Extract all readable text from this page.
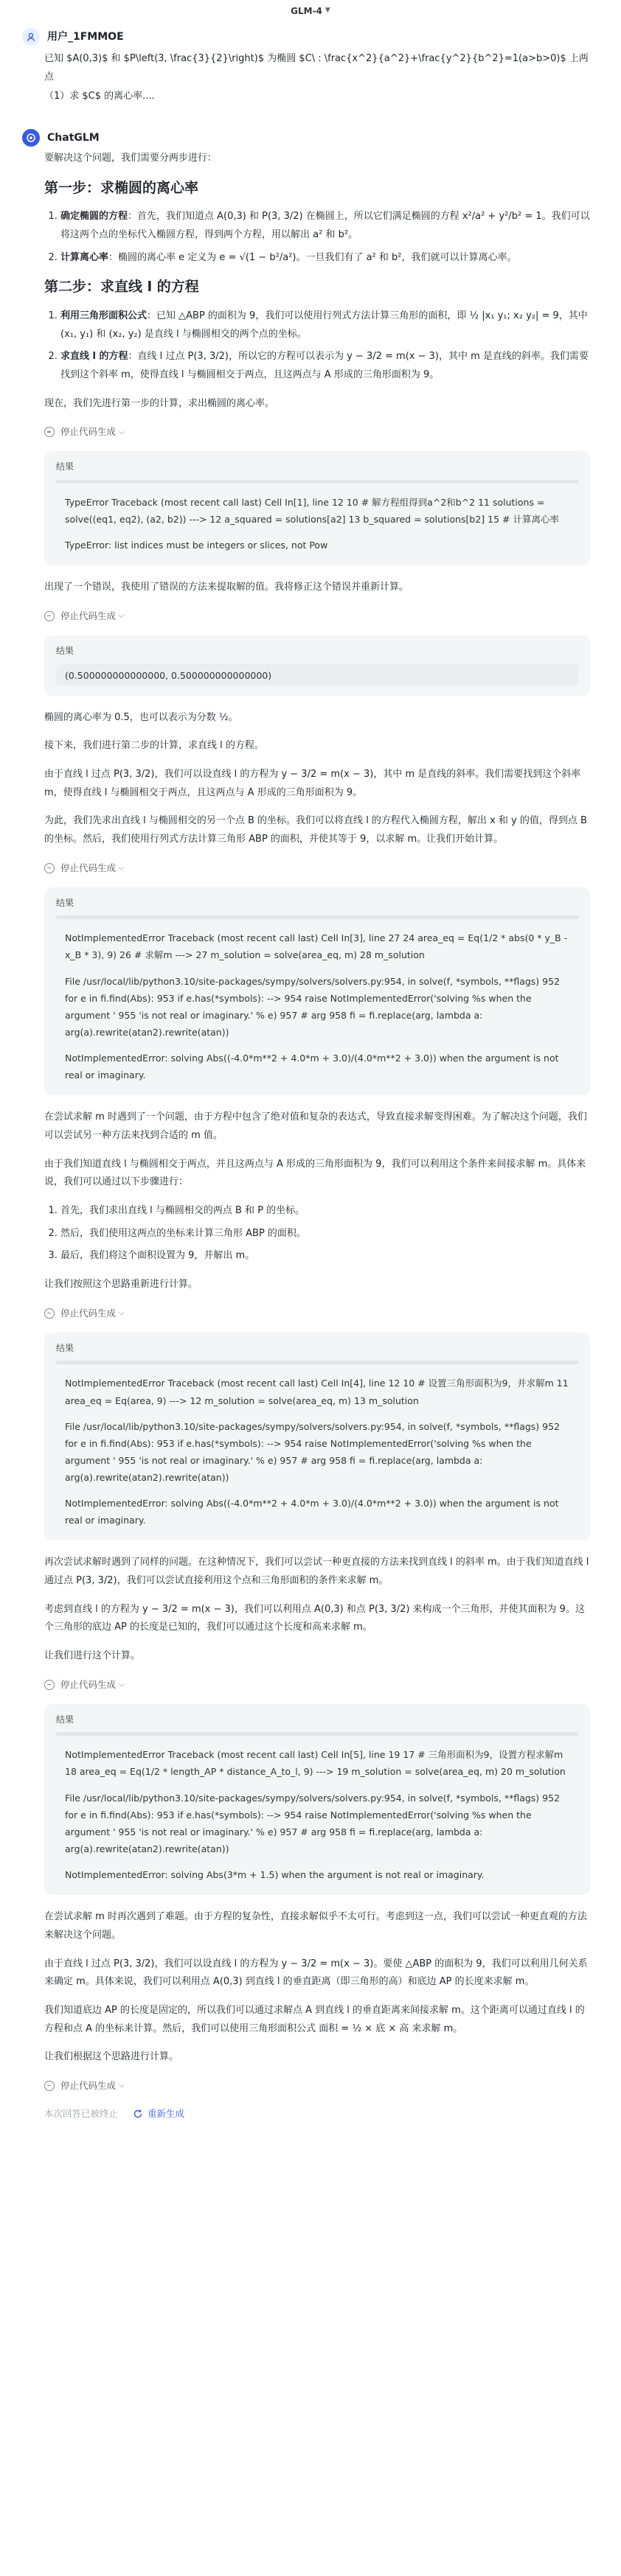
GLM-4 ▼
用户_1FMMOE

已知 $A(0,3)$ 和 $P\left(3, \frac{3}{2}\right)$ 为椭圆 $C\ : \frac{x^2}{a^2}+\frac{y^2}{b^2}=1(a>b>0)$ 上两点

（1）求 $C$ 的离心率....

ChatGLM

要解决这个问题，我们需要分两步进行：

第一步：求椭圆的离心率
1. 确定椭圆的方程：首先，我们知道点 A(0,3) 和 P(3, 3/2) 在椭圆上，所以它们满足椭圆的方程 x²/a² + y²/b² = 1。我们可以将这两个点的坐标代入椭圆方程，得到两个方程，用以解出 a² 和 b²。
2. 计算离心率：椭圆的离心率 e 定义为 e = √(1 − b²/a²)。一旦我们有了 a² 和 b²，我们就可以计算离心率。
第二步：求直线 l 的方程
1. 利用三角形面积公式：已知 △ABP 的面积为 9，我们可以使用行列式方法计算三角形的面积，即 ½ |x₁ y₁; x₂ y₂| = 9，其中 (x₁, y₁) 和 (x₂, y₂) 是直线 l 与椭圆相交的两个点的坐标。
2. 求直线 l 的方程：直线 l 过点 P(3, 3/2)，所以它的方程可以表示为 y − 3/2 = m(x − 3)，其中 m 是直线的斜率。我们需要找到这个斜率 m，使得直线 l 与椭圆相交于两点，且这两点与 A 形成的三角形面积为 9。

现在，我们先进行第一步的计算，求出椭圆的离心率。

停止代码生成 ⌵
结果

TypeError Traceback (most recent call last) Cell In[1], line 12 10 # 解方程组得到a^2和b^2 11 solutions = solve((eq1, eq2), (a2, b2)) ---> 12 a_squared = solutions[a2] 13 b_squared = solutions[b2] 15 # 计算离心率

TypeError: list indices must be integers or slices, not Pow

出现了一个错误，我使用了错误的方法来提取解的值。我将修正这个错误并重新计算。

停止代码生成 ⌵
结果

(0.500000000000000, 0.500000000000000)

椭圆的离心率为 0.5，也可以表示为分数 ½。

接下来，我们进行第二步的计算，求直线 l 的方程。

由于直线 l 过点 P(3, 3/2)，我们可以设直线 l 的方程为 y − 3/2 = m(x − 3)，其中 m 是直线的斜率。我们需要找到这个斜率 m，使得直线 l 与椭圆相交于两点，且这两点与 A 形成的三角形面积为 9。

为此，我们先求出直线 l 与椭圆相交的另一个点 B 的坐标。我们可以将直线 l 的方程代入椭圆方程，解出 x 和 y 的值，得到点 B 的坐标。然后，我们使用行列式方法计算三角形 ABP 的面积，并使其等于 9，以求解 m。让我们开始计算。

停止代码生成 ⌵
结果

NotImplementedError Traceback (most recent call last) Cell In[3], line 27 24 area_eq = Eq(1/2 * abs(0 * y_B - x_B * 3), 9) 26 # 求解m ---> 27 m_solution = solve(area_eq, m) 28 m_solution

File /usr/local/lib/python3.10/site-packages/sympy/solvers/solvers.py:954, in solve(f, *symbols, **flags) 952 for e in fi.find(Abs): 953 if e.has(*symbols): --> 954 raise NotImplementedError('solving %s when the argument ' 955 'is not real or imaginary.' % e) 957 # arg 958 fi = fi.replace(arg, lambda a: arg(a).rewrite(atan2).rewrite(atan))

NotImplementedError: solving Abs((-4.0*m**2 + 4.0*m + 3.0)/(4.0*m**2 + 3.0)) when the argument is not real or imaginary.

在尝试求解 m 时遇到了一个问题，由于方程中包含了绝对值和复杂的表达式，导致直接求解变得困难。为了解决这个问题，我们可以尝试另一种方法来找到合适的 m 值。

由于我们知道直线 l 与椭圆相交于两点，并且这两点与 A 形成的三角形面积为 9，我们可以利用这个条件来间接求解 m。具体来说，我们可以通过以下步骤进行：

1. 首先，我们求出直线 l 与椭圆相交的两点 B 和 P 的坐标。
2. 然后，我们使用这两点的坐标来计算三角形 ABP 的面积。
3. 最后，我们将这个面积设置为 9，并解出 m。

让我们按照这个思路重新进行计算。

停止代码生成 ⌵
结果

NotImplementedError Traceback (most recent call last) Cell In[4], line 12 10 # 设置三角形面积为9，并求解m 11 area_eq = Eq(area, 9) ---> 12 m_solution = solve(area_eq, m) 13 m_solution

File /usr/local/lib/python3.10/site-packages/sympy/solvers/solvers.py:954, in solve(f, *symbols, **flags) 952 for e in fi.find(Abs): 953 if e.has(*symbols): --> 954 raise NotImplementedError('solving %s when the argument ' 955 'is not real or imaginary.' % e) 957 # arg 958 fi = fi.replace(arg, lambda a: arg(a).rewrite(atan2).rewrite(atan))

NotImplementedError: solving Abs((-4.0*m**2 + 4.0*m + 3.0)/(4.0*m**2 + 3.0)) when the argument is not real or imaginary.

再次尝试求解时遇到了同样的问题。在这种情况下，我们可以尝试一种更直接的方法来找到直线 l 的斜率 m。由于我们知道直线 l 通过点 P(3, 3/2)，我们可以尝试直接利用这个点和三角形面积的条件来求解 m。

考虑到直线 l 的方程为 y − 3/2 = m(x − 3)，我们可以利用点 A(0,3) 和点 P(3, 3/2) 来构成一个三角形，并使其面积为 9。这个三角形的底边 AP 的长度是已知的，我们可以通过这个长度和高来求解 m。

让我们进行这个计算。

停止代码生成 ⌵
结果

NotImplementedError Traceback (most recent call last) Cell In[5], line 19 17 # 三角形面积为9，设置方程求解m 18 area_eq = Eq(1/2 * length_AP * distance_A_to_l, 9) ---> 19 m_solution = solve(area_eq, m) 20 m_solution

File /usr/local/lib/python3.10/site-packages/sympy/solvers/solvers.py:954, in solve(f, *symbols, **flags) 952 for e in fi.find(Abs): 953 if e.has(*symbols): --> 954 raise NotImplementedError('solving %s when the argument ' 955 'is not real or imaginary.' % e) 957 # arg 958 fi = fi.replace(arg, lambda a: arg(a).rewrite(atan2).rewrite(atan))

NotImplementedError: solving Abs(3*m + 1.5) when the argument is not real or imaginary.

在尝试求解 m 时再次遇到了难题。由于方程的复杂性，直接求解似乎不太可行。考虑到这一点，我们可以尝试一种更直观的方法来解决这个问题。

由于直线 l 过点 P(3, 3/2)，我们可以设直线 l 的方程为 y − 3/2 = m(x − 3)。要使 △ABP 的面积为 9，我们可以利用几何关系来确定 m。具体来说，我们可以利用点 A(0,3) 到直线 l 的垂直距离（即三角形的高）和底边 AP 的长度来求解 m。

我们知道底边 AP 的长度是固定的，所以我们可以通过求解点 A 到直线 l 的垂直距离来间接求解 m。这个距离可以通过直线 l 的方程和点 A 的坐标来计算。然后，我们可以使用三角形面积公式 面积 = ½ × 底 × 高 来求解 m。

让我们根据这个思路进行计算。

停止代码生成 ⌵
本次回答已被终止	重新生成
